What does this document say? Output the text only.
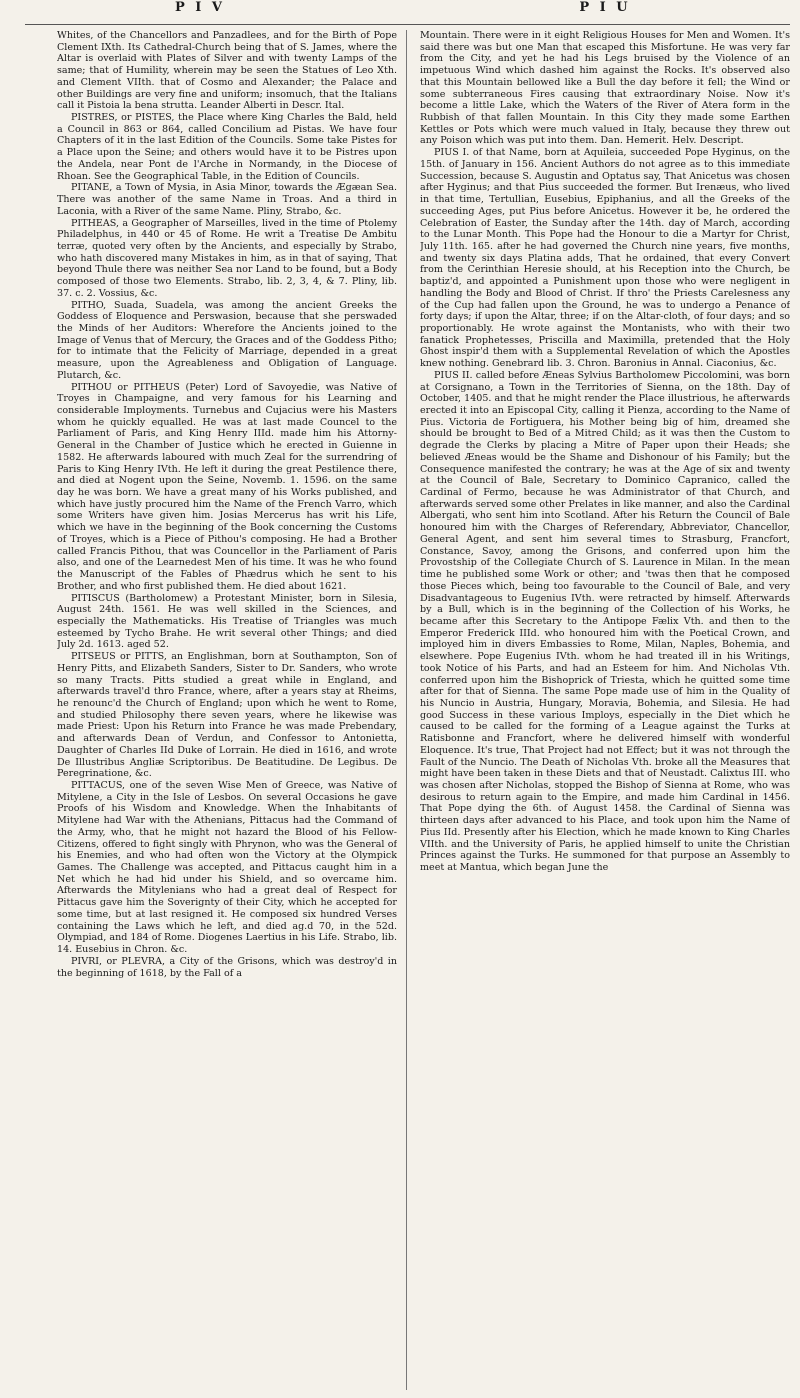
P I V	P I U

Whites, of the Chancellors and Panzadlees, and for the Birth of Pope Clement IXth. Its Cathedral-Church being that of S. James, where the Altar is overlaid with Plates of Silver and with twenty Lamps of the same; that of Humility, wherein may be seen the Statues of Leo Xth. and Clement VIIth. that of Cosmo and Alexander; the Palace and other Buildings are very fine and uniform; insomuch, that the Italians call it Pistoia la bena strutta. Leander Alberti in Descr. Ital.

PISTRES, or PISTES, the Place where King Charles the Bald, held a Council in 863 or 864, called Concilium ad Pistas. We have four Chapters of it in the last Edition of the Councils. Some take Pistes for a Place upon the Seine; and others would have it to be Pistres upon the Andela, near Pont de l'Arche in Normandy, in the Diocese of Rhoan. See the Geographical Table, in the Edition of Councils.

PITANE, a Town of Mysia, in Asia Minor, towards the Ægæan Sea. There was another of the same Name in Troas. And a third in Laconia, with a River of the same Name. Pliny, Strabo, &c.

PITHEAS, a Geographer of Marseilles, lived in the time of Ptolemy Philadelphus, in 440 or 45 of Rome. He writ a Treatise De Ambitu terræ, quoted very often by the Ancients, and especially by Strabo, who hath discovered many Mistakes in him, as in that of saying, That beyond Thule there was neither Sea nor Land to be found, but a Body composed of those two Elements. Strabo, lib. 2, 3, 4, & 7. Pliny, lib. 37. c. 2. Vossius, &c.

PITHO, Suada, Suadela, was among the ancient Greeks the Goddess of Eloquence and Perswasion, because that she perswaded the Minds of her Auditors: Wherefore the Ancients joined to the Image of Venus that of Mercury, the Graces and of the Goddess Pitho; for to intimate that the Felicity of Marriage, depended in a great measure, upon the Agreableness and Obligation of Language. Plutarch, &c.

PITHOU or PITHEUS (Peter) Lord of Savoyedie, was Native of Troyes in Champaigne, and very famous for his Learning and considerable Imployments. Turnebus and Cujacius were his Masters whom he quickly equalled. He was at last made Councel to the Parliament of Paris, and King Henry IIId. made him his Attorny-General in the Chamber of Justice which he erected in Guienne in 1582. He afterwards laboured with much Zeal for the surrendring of Paris to King Henry IVth. He left it during the great Pestilence there, and died at Nogent upon the Seine, Novemb. 1. 1596. on the same day he was born. We have a great many of his Works published, and which have justly procured him the Name of the French Varro, which some Writers have given him. Josias Mercerus has writ his Life, which we have in the beginning of the Book concerning the Customs of Troyes, which is a Piece of Pithou's composing. He had a Brother called Francis Pithou, that was Councellor in the Parliament of Paris also, and one of the Learnedest Men of his time. It was he who found the Manuscript of the Fables of Phædrus which he sent to his Brother, and who first published them. He died about 1621.

PITISCUS (Bartholomew) a Protestant Minister, born in Silesia, August 24th. 1561. He was well skilled in the Sciences, and especially the Mathematicks. His Treatise of Triangles was much esteemed by Tycho Brahe. He writ several other Things; and died July 2d. 1613. aged 52.

PITSEUS or PITTS, an Englishman, born at Southampton, Son of Henry Pitts, and Elizabeth Sanders, Sister to Dr. Sanders, who wrote so many Tracts. Pitts studied a great while in England, and afterwards travel'd thro France, where, after a years stay at Rheims, he renounc'd the Church of England; upon which he went to Rome, and studied Philosophy there seven years, where he likewise was made Priest: Upon his Return into France he was made Prebendary, and afterwards Dean of Verdun, and Confessor to Antonietta, Daughter of Charles IId Duke of Lorrain. He died in 1616, and wrote De Illustribus Angliæ Scriptoribus. De Beatitudine. De Legibus. De Peregrinatione, &c.

PITTACUS, one of the seven Wise Men of Greece, was Native of Mitylene, a City in the Isle of Lesbos. On several Occasions he gave Proofs of his Wisdom and Knowledge. When the Inhabitants of Mitylene had War with the Athenians, Pittacus had the Command of the Army, who, that he might not hazard the Blood of his Fellow-Citizens, offered to fight singly with Phrynon, who was the General of his Enemies, and who had often won the Victory at the Olympick Games. The Challenge was accepted, and Pittacus caught him in a Net which he had hid under his Shield, and so overcame him. Afterwards the Mitylenians who had a great deal of Respect for Pittacus gave him the Soverignty of their City, which he accepted for some time, but at last resigned it. He composed six hundred Verses containing the Laws which he left, and died ag.d 70, in the 52d. Olympiad, and 184 of Rome. Diogenes Laertius in his Life. Strabo, lib. 14. Eusebius in Chron. &c.

PIVRI, or PLEVRA, a City of the Grisons, which was destroy'd in the beginning of 1618, by the Fall of a

Mountain. There were in it eight Religious Houses for Men and Women. It's said there was but one Man that escaped this Misfortune. He was very far from the City, and yet he had his Legs bruised by the Violence of an impetuous Wind which dashed him against the Rocks. It's observed also that this Mountain bellowed like a Bull the day before it fell; the Wind or some subterraneous Fires causing that extraordinary Noise. Now it's become a little Lake, which the Waters of the River of Atera form in the Rubbish of that fallen Mountain. In this City they made some Earthen Kettles or Pots which were much valued in Italy, because they threw out any Poison which was put into them. Dan. Hemerit. Helv. Descript.

PIUS I. of that Name, born at Aquileia, succeeded Pope Hyginus, on the 15th. of January in 156. Ancient Authors do not agree as to this immediate Succession, because S. Augustin and Optatus say, That Anicetus was chosen after Hyginus; and that Pius succeeded the former. But Irenæus, who lived in that time, Tertullian, Eusebius, Epiphanius, and all the Greeks of the succeeding Ages, put Pius before Anicetus. However it be, he ordered the Celebration of Easter, the Sunday after the 14th. day of March, according to the Lunar Month. This Pope had the Honour to die a Martyr for Christ, July 11th. 165. after he had governed the Church nine years, five months, and twenty six days Platina adds, That he ordained, that every Convert from the Cerinthian Heresie should, at his Reception into the Church, be baptiz'd, and appointed a Punishment upon those who were negligent in handling the Body and Blood of Christ. If thro' the Priests Carelesness any of the Cup had fallen upon the Ground, he was to undergo a Penance of forty days; if upon the Altar, three; if on the Altar-cloth, of four days; and so proportionably. He wrote against the Montanists, who with their two fanatick Prophetesses, Priscilla and Maximilla, pretended that the Holy Ghost inspir'd them with a Supplemental Revelation of which the Apostles knew nothing. Genebrard lib. 3. Chron. Baronius in Annal. Ciaconius, &c.

PIUS II. called before Æneas Sylvius Bartholomew Piccolomini, was born at Corsignano, a Town in the Territories of Sienna, on the 18th. Day of October, 1405. and that he might render the Place illustrious, he afterwards erected it into an Episcopal City, calling it Pienza, according to the Name of Pius. Victoria de Fortiguera, his Mother being big of him, dreamed she should be brought to Bed of a Mitred Child; as it was then the Custom to degrade the Clerks by placing a Mitre of Paper upon their Heads; she believed Æneas would be the Shame and Dishonour of his Family; but the Consequence manifested the contrary; he was at the Age of six and twenty at the Council of Bale, Secretary to Dominico Capranico, called the Cardinal of Fermo, because he was Administrator of that Church, and afterwards served some other Prelates in like manner, and also the Cardinal Albergati, who sent him into Scotland. After his Return the Council of Bale honoured him with the Charges of Referendary, Abbreviator, Chancellor, General Agent, and sent him several times to Strasburg, Francfort, Constance, Savoy, among the Grisons, and conferred upon him the Provostship of the Collegiate Church of S. Laurence in Milan. In the mean time he published some Work or other; and 'twas then that he composed those Pieces which, being too favourable to the Council of Bale, and very Disadvantageous to Eugenius IVth. were retracted by himself. Afterwards by a Bull, which is in the beginning of the Collection of his Works, he became after this Secretary to the Antipope Fælix Vth. and then to the Emperor Frederick IIId. who honoured him with the Poetical Crown, and imployed him in divers Embassies to Rome, Milan, Naples, Bohemia, and elsewhere. Pope Eugenius IVth. whom he had treated ill in his Writings, took Notice of his Parts, and had an Esteem for him. And Nicholas Vth. conferred upon him the Bishoprick of Triesta, which he quitted some time after for that of Sienna. The same Pope made use of him in the Quality of his Nuncio in Austria, Hungary, Moravia, Bohemia, and Silesia. He had good Success in these various Imploys, especially in the Diet which he caused to be called for the forming of a League against the Turks at Ratisbonne and Francfort, where he delivered himself with wonderful Eloquence. It's true, That Project had not Effect; but it was not through the Fault of the Nuncio. The Death of Nicholas Vth. broke all the Measures that might have been taken in these Diets and that of Neustadt. Calixtus III. who was chosen after Nicholas, stopped the Bishop of Sienna at Rome, who was desirous to return again to the Empire, and made him Cardinal in 1456. That Pope dying the 6th. of August 1458. the Cardinal of Sienna was thirteen days after advanced to his Place, and took upon him the Name of Pius IId. Presently after his Election, which he made known to King Charles VIIth. and the University of Paris, he applied himself to unite the Christian Princes against the Turks. He summoned for that purpose an Assembly to meet at Mantua, which began June the
